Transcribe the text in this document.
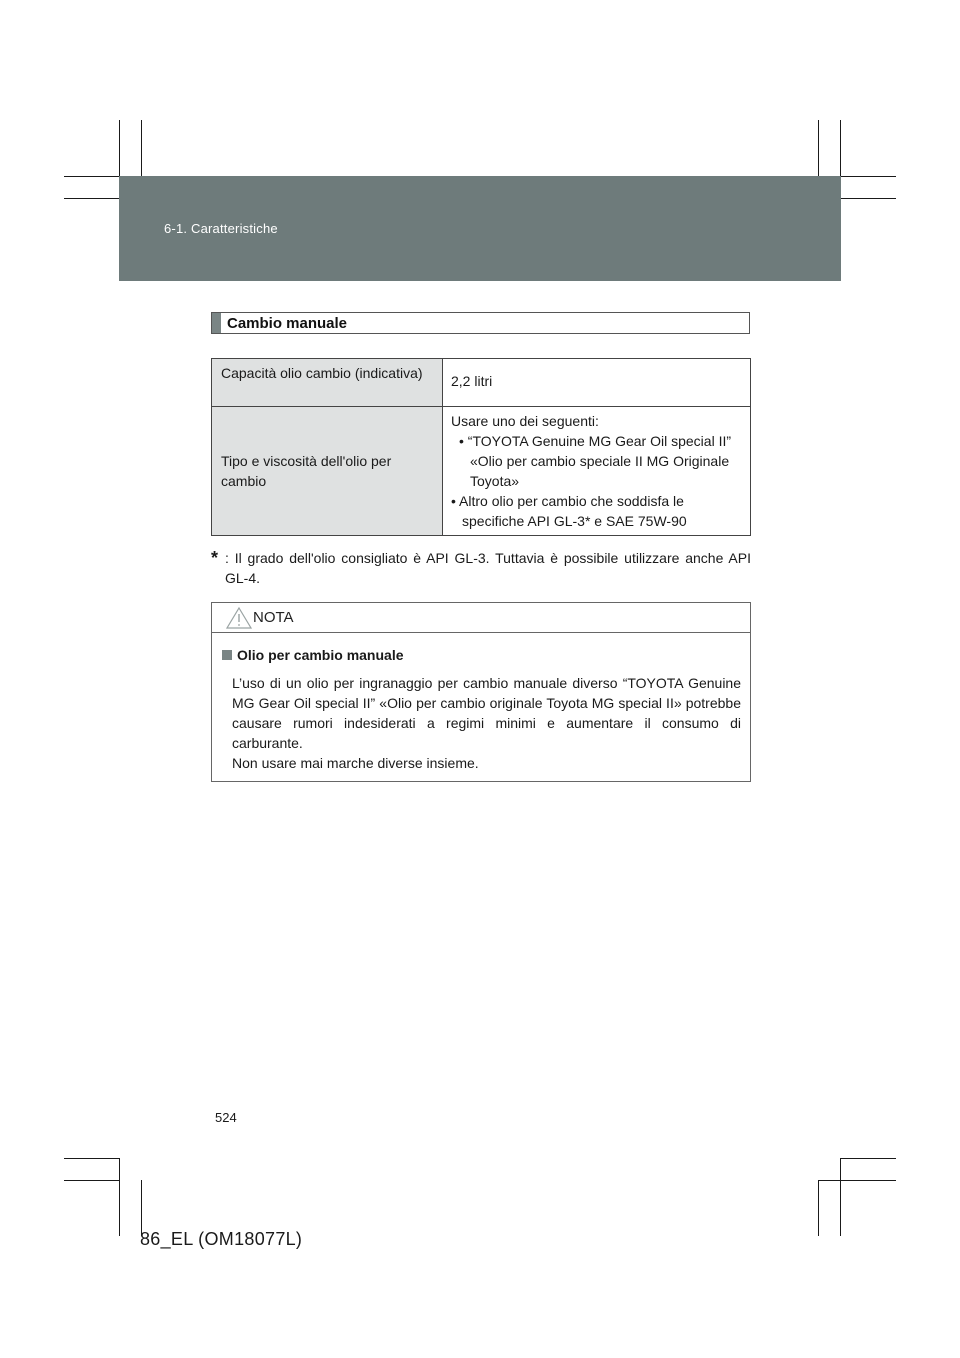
6-1. Caratteristiche
Cambio manuale
Capacità olio cambio (indicativa)	2,2 litri
Tipo e viscosità dell'olio per cambio	Usare uno dei seguenti:
• “TOYOTA Genuine MG Gear Oil special II” «Olio per cambio speciale II MG Originale Toyota»
• Altro olio per cambio che soddisfa le specifiche API GL-3* e SAE 75W-90
* : Il grado dell'olio consigliato è API GL-3. Tuttavia è possibile utilizzare anche API GL-4.
NOTA
Olio per cambio manuale
L’uso di un olio per ingranaggio per cambio manuale diverso “TOYOTA Genuine MG Gear Oil special II” «Olio per cambio originale Toyota MG special II» potrebbe causare rumori indesiderati a regimi minimi e aumentare il consumo di carburante.
Non usare mai marche diverse insieme.
524
86_EL (OM18077L)
